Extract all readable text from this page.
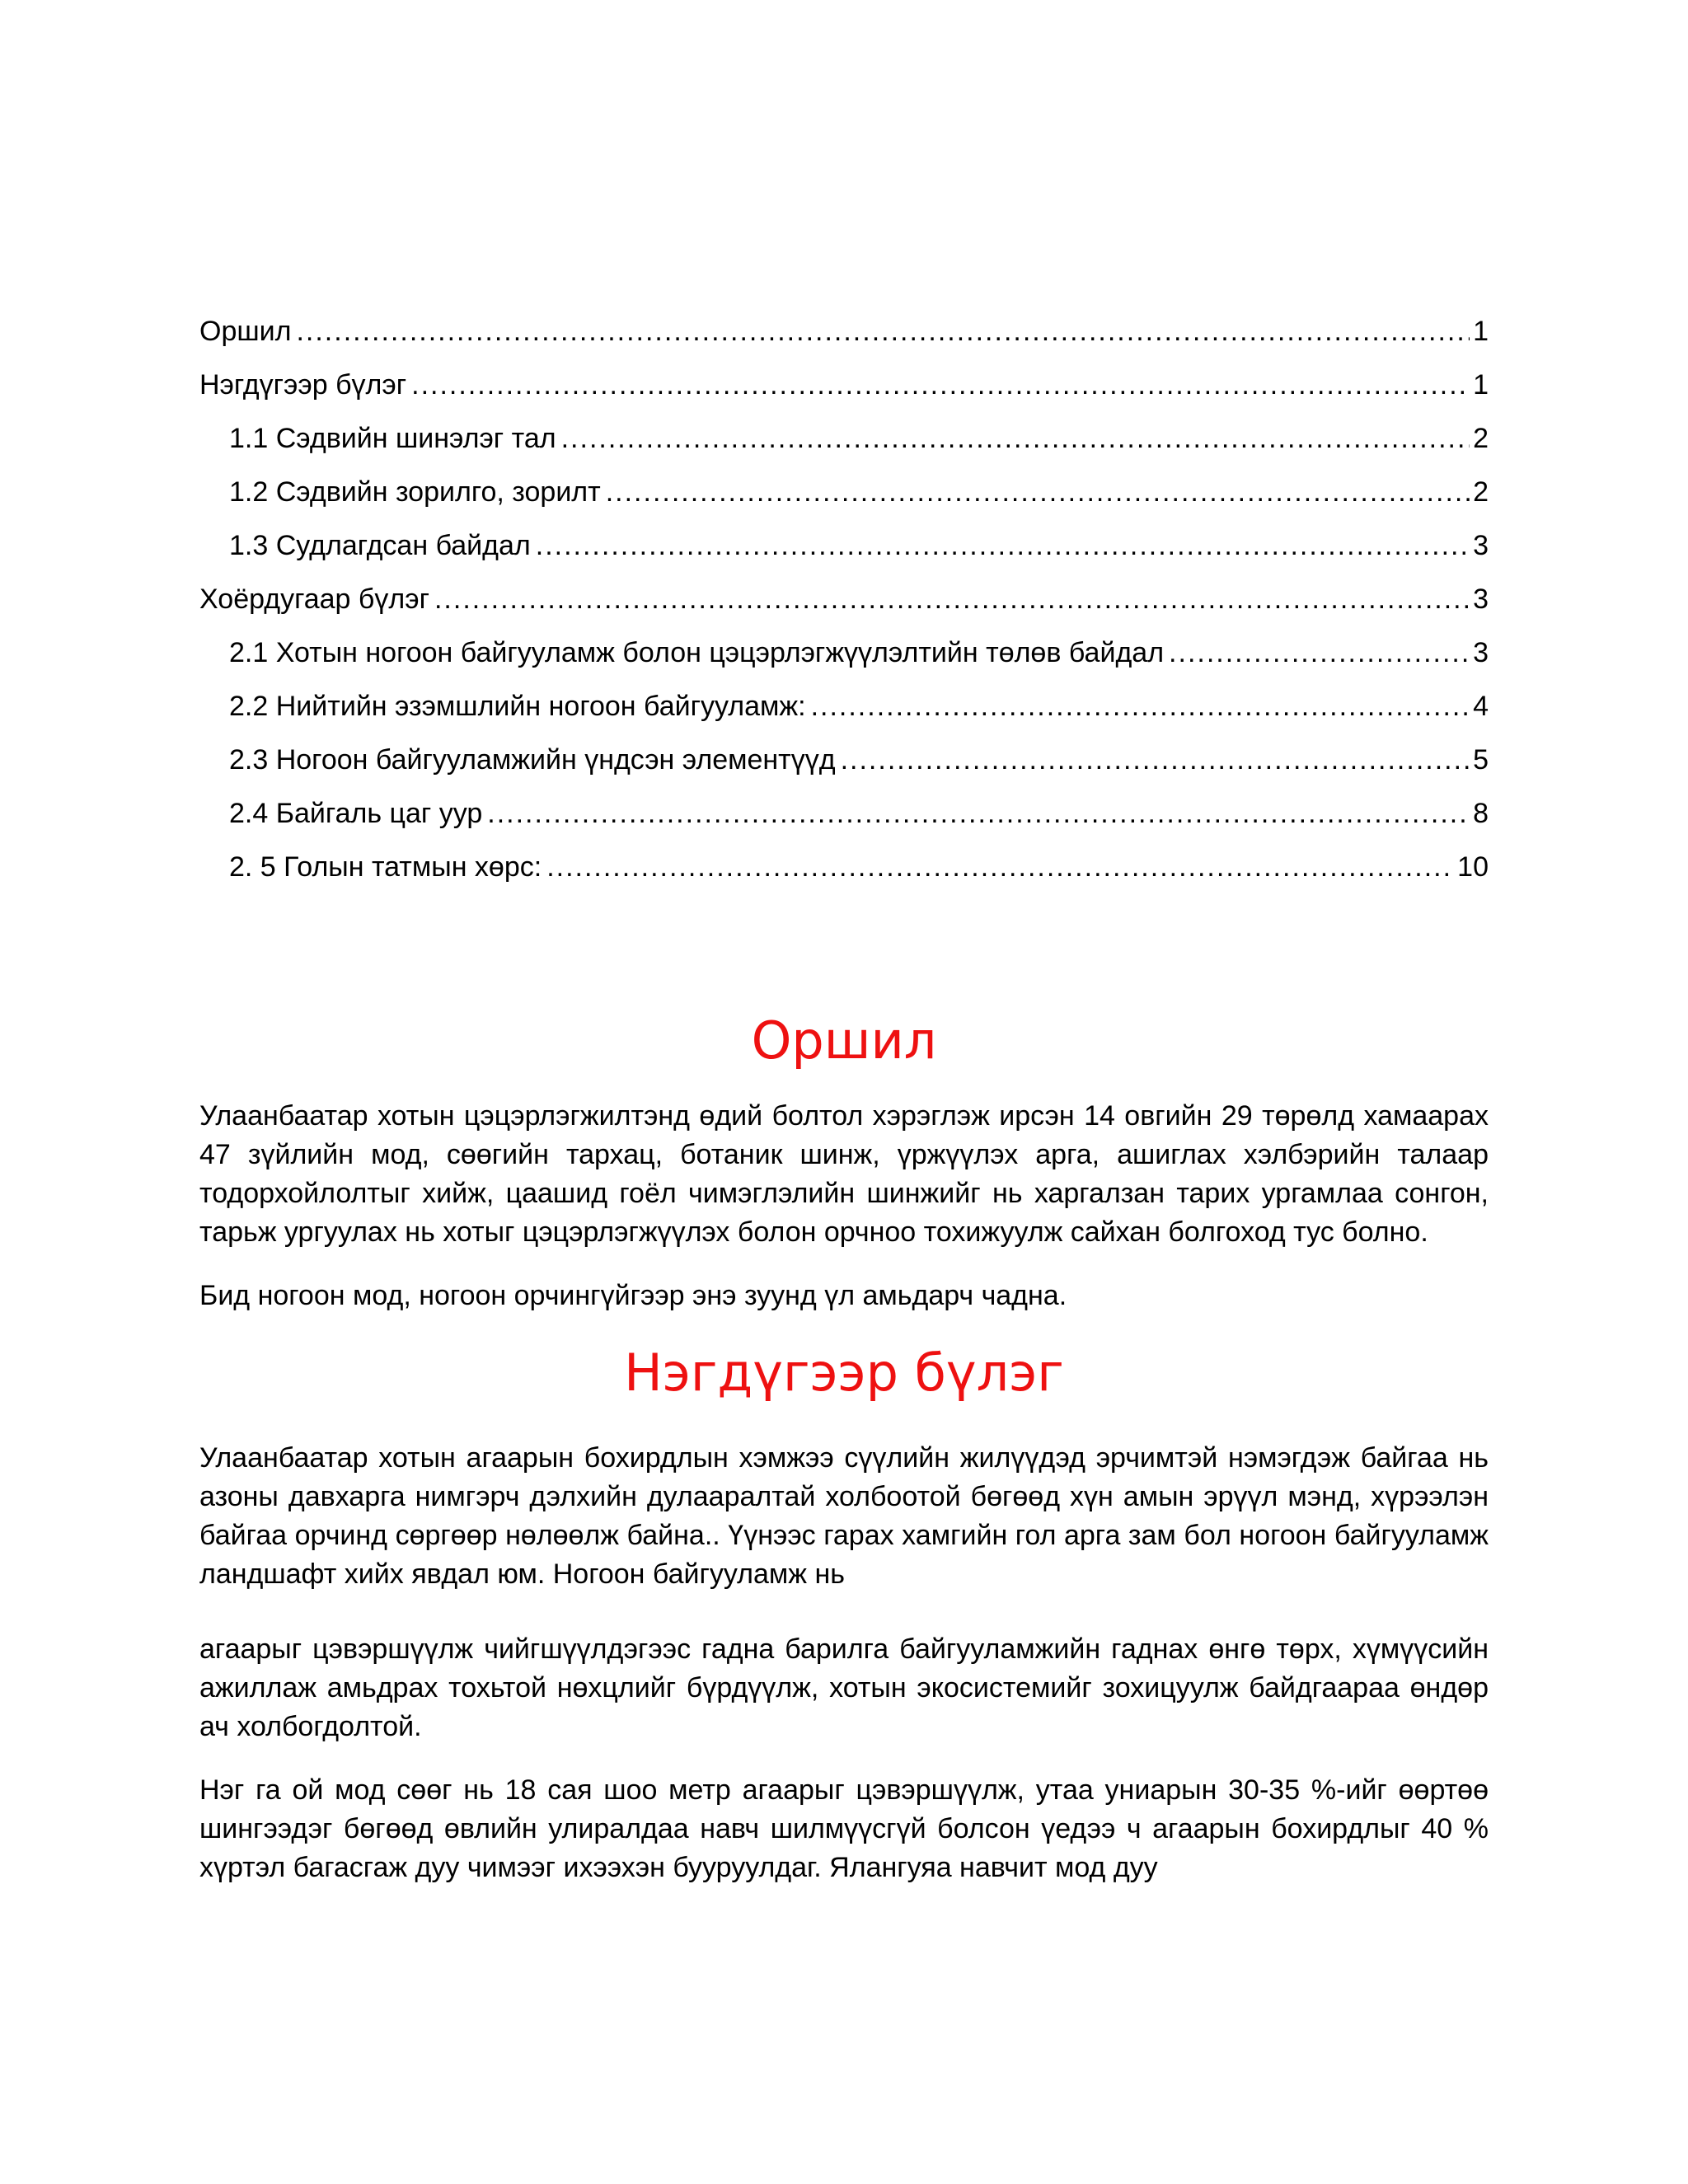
Оршил .....	1
Нэгдүгээр бүлэг .....	1
1.1 Сэдвийн шинэлэг тал .....	2
1.2 Сэдвийн зорилго, зорилт .....	2
1.3 Судлагдсан байдал .....	3
Хоёрдугаар бүлэг .....	3
2.1 Хотын ногоон байгууламж болон цэцэрлэгжүүлэлтийн төлөв байдал .....	3
2.2 Нийтийн эзэмшлийн ногоон байгууламж: .....	4
2.3 Ногоон байгууламжийн үндсэн элементүүд .....	5
2.4 Байгаль цаг уур .....	8
2. 5 Голын татмын хөрс: .....	10
Оршил

Улаанбаатар хотын цэцэрлэгжилтэнд өдий болтол хэрэглэж ирсэн 14 овгийн 29 төрөлд хамаарах 47 зүйлийн мод, сөөгийн тархац, ботаник шинж, үржүүлэх арга, ашиглах хэлбэрийн талаар тодорхойлолтыг хийж, цаашид гоёл чимэглэлийн шинжийг нь харгалзан тарих ургамлаа сонгон, тарьж ургуулах нь хотыг цэцэрлэгжүүлэх болон орчноо тохижуулж сайхан болгоход тус болно.

Бид ногоон мод, ногоон орчингүйгээр энэ зуунд үл амьдарч чадна.

Нэгдүгээр бүлэг

Улаанбаатар хотын агаарын бохирдлын хэмжээ сүүлийн жилүүдэд эрчимтэй нэмэгдэж байгаа нь азоны давхарга нимгэрч дэлхийн дулааралтай холбоотой бөгөөд хүн амын эрүүл мэнд, хүрээлэн байгаа орчинд сөргөөр нөлөөлж байна.. Үүнээс гарах хамгийн гол арга зам бол ногоон байгууламж ландшафт хийх явдал юм. Ногоон байгууламж нь

агаарыг цэвэршүүлж чийгшүүлдэгээс гадна барилга байгууламжийн гаднах өнгө төрх, хүмүүсийн ажиллаж амьдрах тохьтой нөхцлийг бүрдүүлж, хотын экосистемийг зохицуулж байдгаараа өндөр ач холбогдолтой.

Нэг га ой мод сөөг нь 18 сая шоо метр агаарыг цэвэршүүлж, утаа униарын 30-35 %-ийг өөртөө шингээдэг бөгөөд өвлийн улиралдаа навч шилмүүсгүй болсон үедээ ч агаарын бохирдлыг 40 % хүртэл багасгаж дуу чимээг ихээхэн бууруулдаг. Ялангуяа навчит мод дуу
